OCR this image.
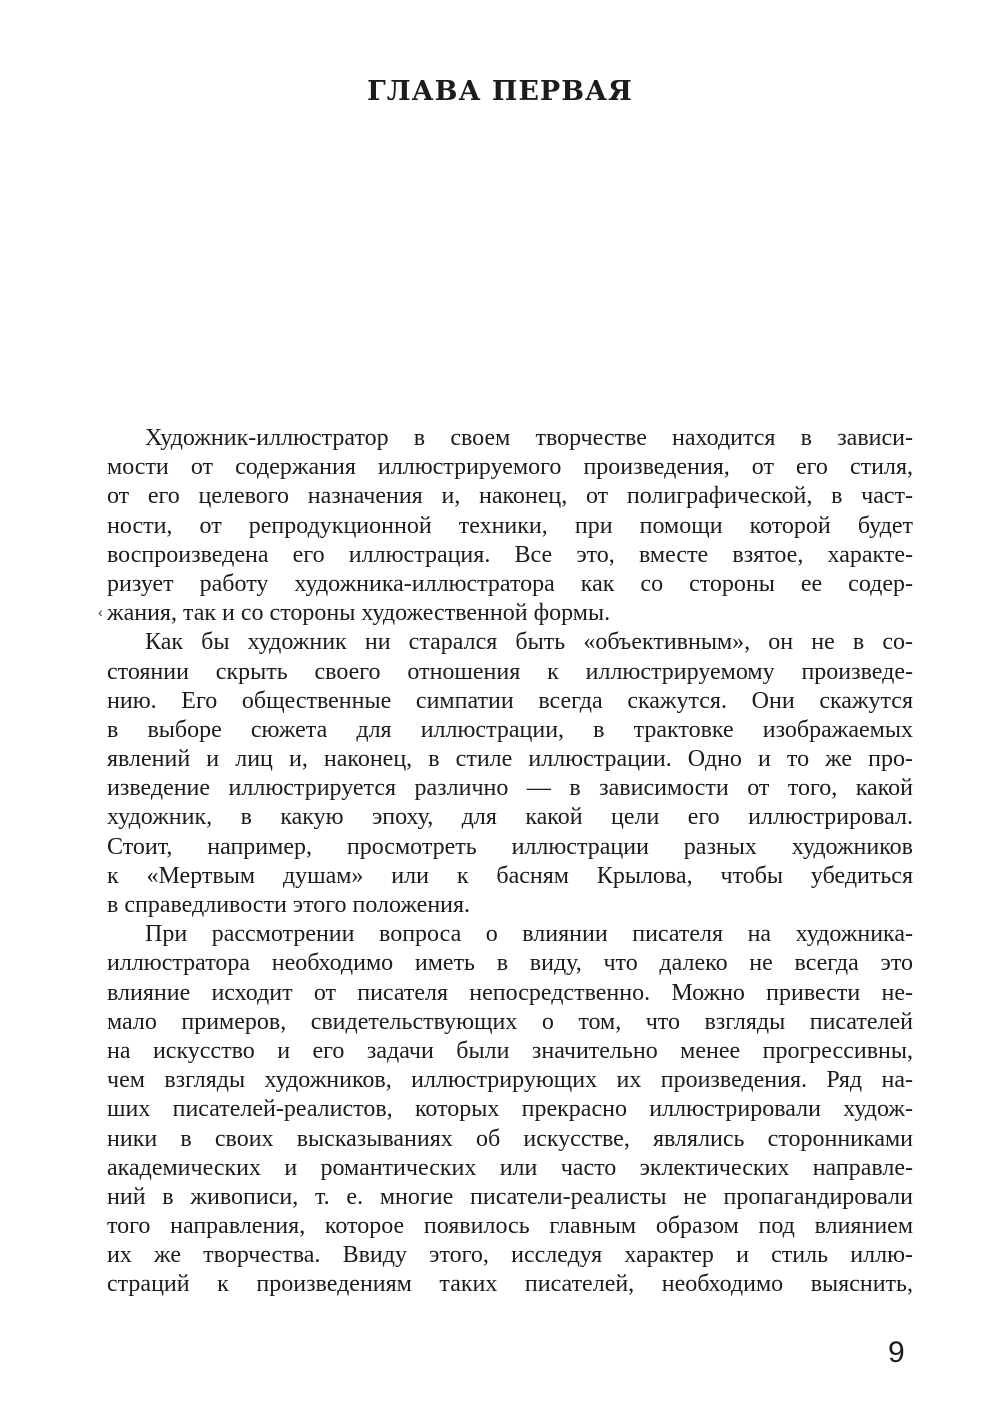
ГЛАВА ПЕРВАЯ
Художник-иллюстратор в своем творчестве находится в зависи-
мости от содержания иллюстрируемого произведения, от его стиля,
от его целевого назначения и, наконец, от полиграфической, в част-
ности, от репродукционной техники, при помощи которой будет
воспроизведена его иллюстрация. Все это, вместе взятое, характе-
ризует работу художника-иллюстратора как со стороны ее содер-
жания, так и со стороны художественной формы.
Как бы художник ни старался быть «объективным», он не в со-
стоянии скрыть своего отношения к иллюстрируемому произведе-
нию. Его общественные симпатии всегда скажутся. Они скажутся
в выборе сюжета для иллюстрации, в трактовке изображаемых
явлений и лиц и, наконец, в стиле иллюстрации. Одно и то же про-
изведение иллюстрируется различно — в зависимости от того, какой
художник, в какую эпоху, для какой цели его иллюстрировал.
Стоит, например, просмотреть иллюстрации разных художников
к «Мертвым душам» или к басням Крылова, чтобы убедиться
в справедливости этого положения.
При рассмотрении вопроса о влиянии писателя на художника-
иллюстратора необходимо иметь в виду, что далеко не всегда это
влияние исходит от писателя непосредственно. Можно привести не-
мало примеров, свидетельствующих о том, что взгляды писателей
на искусство и его задачи были значительно менее прогрессивны,
чем взгляды художников, иллюстрирующих их произведения. Ряд на-
ших писателей-реалистов, которых прекрасно иллюстрировали худож-
ники в своих высказываниях об искусстве, являлись сторонниками
академических и романтических или часто эклектических направле-
ний в живописи, т. е. многие писатели-реалисты не пропагандировали
того направления, которое появилось главным образом под влиянием
их же творчества. Ввиду этого, исследуя характер и стиль иллю-
страций к произведениям таких писателей, необходимо выяснить,
‹
9
